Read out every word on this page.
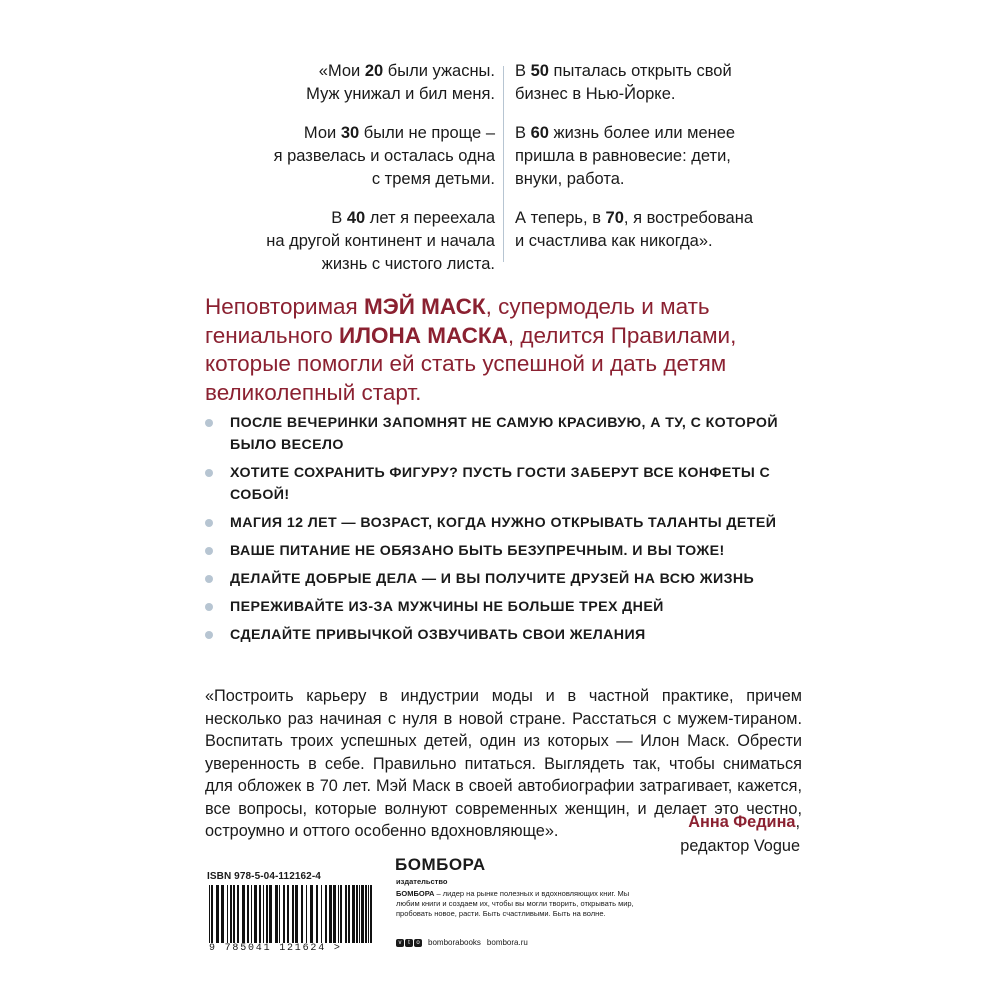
«Мои 20 были ужасны.
Муж унижал и бил меня.

Мои 30 были не проще –
я развелась и осталась одна
с тремя детьми.

В 40 лет я переехала
на другой континент и начала
жизнь с чистого листа.

В 50 пыталась открыть свой
бизнес в Нью-Йорке.

В 60 жизнь более или менее
пришла в равновесие: дети,
внуки, работа.

А теперь, в 70, я востребована
и счастлива как никогда».

Неповторимая МЭЙ МАСК, супермодель и мать гениального ИЛОНА МАСКА, делится Правилами, которые помогли ей стать успешной и дать детям великолепный старт.
ПОСЛЕ ВЕЧЕРИНКИ ЗАПОМНЯТ НЕ САМУЮ КРАСИВУЮ, А ТУ, С КОТОРОЙ БЫЛО ВЕСЕЛО
ХОТИТЕ СОХРАНИТЬ ФИГУРУ? ПУСТЬ ГОСТИ ЗАБЕРУТ ВСЕ КОНФЕТЫ С СОБОЙ!
МАГИЯ 12 ЛЕТ — ВОЗРАСТ, КОГДА НУЖНО ОТКРЫВАТЬ ТАЛАНТЫ ДЕТЕЙ
ВАШЕ ПИТАНИЕ НЕ ОБЯЗАНО БЫТЬ БЕЗУПРЕЧНЫМ. И ВЫ ТОЖЕ!
ДЕЛАЙТЕ ДОБРЫЕ ДЕЛА — И ВЫ ПОЛУЧИТЕ ДРУЗЕЙ НА ВСЮ ЖИЗНЬ
ПЕРЕЖИВАЙТЕ ИЗ-ЗА МУЖЧИНЫ НЕ БОЛЬШЕ ТРЕХ ДНЕЙ
СДЕЛАЙТЕ ПРИВЫЧКОЙ ОЗВУЧИВАТЬ СВОИ ЖЕЛАНИЯ

«Построить карьеру в индустрии моды и в частной практике, причем несколько раз начиная с нуля в новой стране. Расстаться с мужем-тираном. Воспитать троих успешных детей, один из которых — Илон Маск. Обрести уверенность в себе. Правильно питаться. Выглядеть так, чтобы сниматься для обложек в 70 лет. Мэй Маск в своей автобиографии затрагивает, кажется, все вопросы, которые волнуют современных женщин, и делает это честно, остроумно и оттого особенно вдохновляюще».	Анна Федина,
редактор Vogue
ISBN 978-5-04-112162-4
9 785041 121624 >
БОМБОРА
издательство
БОМБОРА – лидер на рынке полезных и вдохновляющих книг. Мы любим книги и создаем их, чтобы вы могли творить, открывать мир, пробовать новое, расти. Быть счастливыми. Быть на волне.
v	t	o bomborabooks bombora.ru
